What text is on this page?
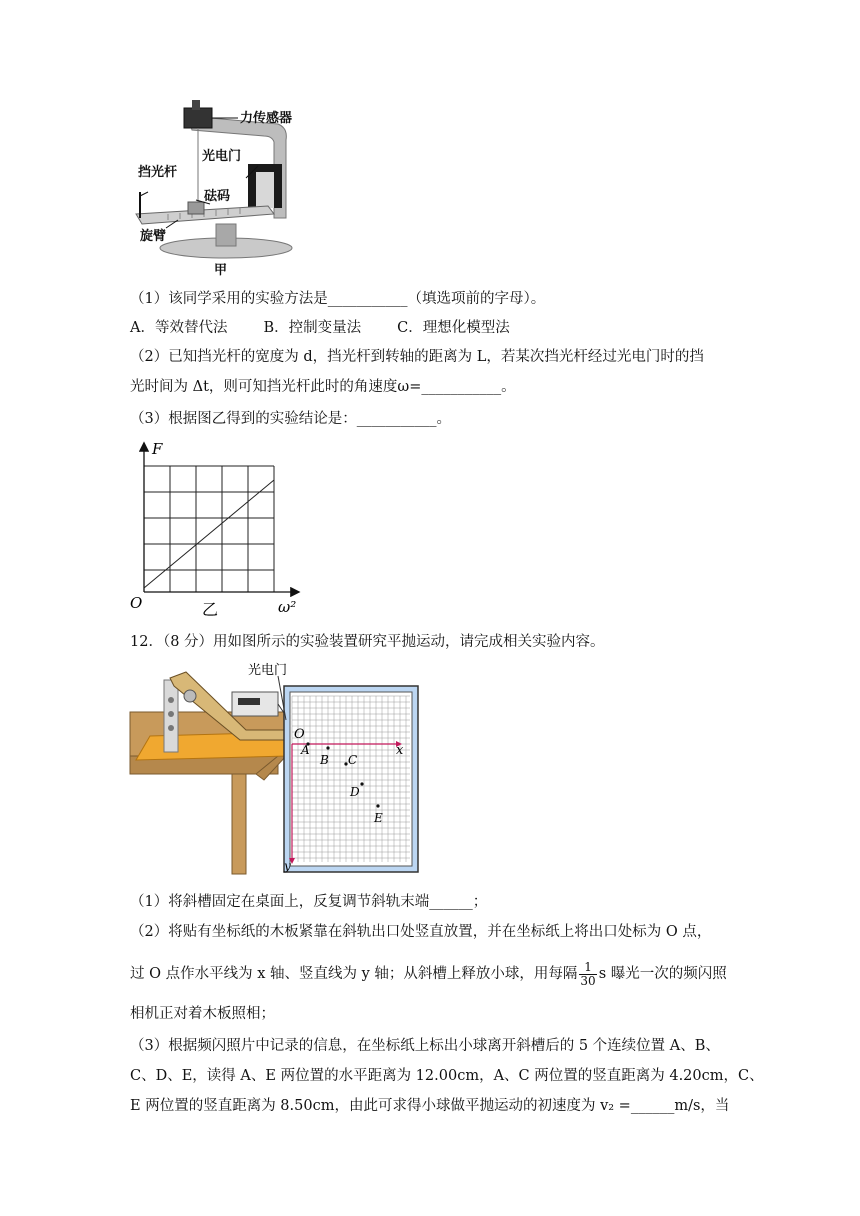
力传感器
光电门
挡光杆
砝码
旋臂
甲
（1）该同学采用的实验方法是___________（填选项前的字母）。
A．等效替代法 B．控制变量法 C．理想化模型法
（2）已知挡光杆的宽度为 d，挡光杆到转轴的距离为 L，若某次挡光杆经过光电门时的挡
光时间为 Δt，则可知挡光杆此时的角速度ω=___________。
（3）根据图乙得到的实验结论是：___________。
F
O	ω²
乙
12．（8 分）用如图所示的实验装置研究平抛运动，请完成相关实验内容。
O
x
y
光电门
A
B C
D
E
（1）将斜槽固定在桌面上，反复调节斜轨末端______；
（2）将贴有坐标纸的木板紧靠在斜轨出口处竖直放置，并在坐标纸上将出口处标为 O 点，
过 O 点作水平线为 x 轴、竖直线为 y 轴；从斜槽上释放小球，用每隔 $\frac{1}{30}$ s 曝光一次的频闪照
相机正对着木板照相；
（3）根据频闪照片中记录的信息，在坐标纸上标出小球离开斜槽后的 5 个连续位置 A、B、
C、D、E，读得 A、E 两位置的水平距离为 12.00cm，A、C 两位置的竖直距离为 4.20cm，C、
E 两位置的竖直距离为 8.50cm，由此可求得小球做平抛运动的初速度为 v₂ =______m/s，当
